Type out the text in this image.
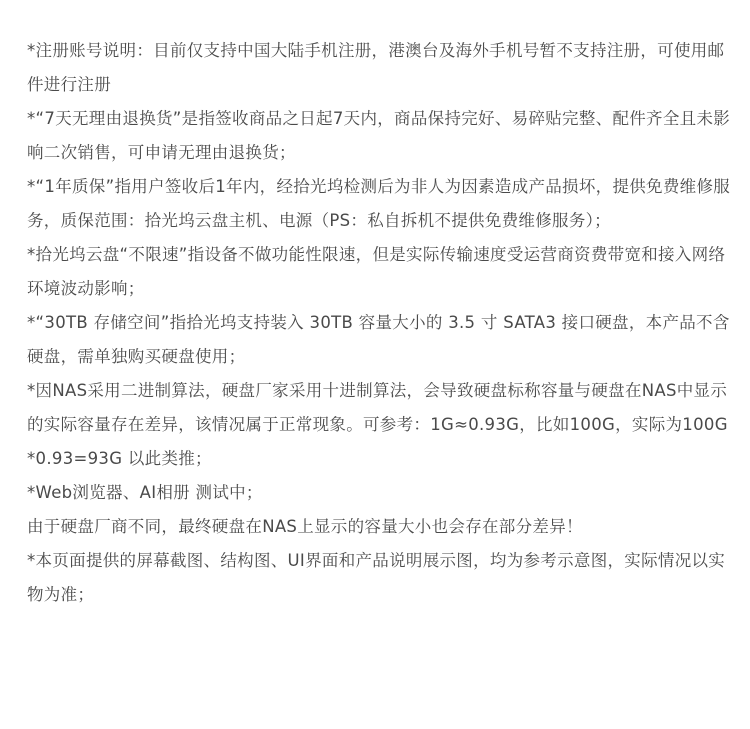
*注册账号说明：目前仅支持中国大陆手机注册，港澳台及海外手机号暂不支持注册，可使用邮件进行注册

*“7天无理由退换货”是指签收商品之日起7天内，商品保持完好、易碎贴完整、配件齐全且未影响二次销售，可申请无理由退换货；

*“1年质保”指用户签收后1年内，经拾光坞检测后为非人为因素造成产品损坏，提供免费维修服务，质保范围：拾光坞云盘主机、电源（PS：私自拆机不提供免费维修服务）；

*拾光坞云盘“不限速”指设备不做功能性限速，但是实际传输速度受运营商资费带宽和接入网络环境波动影响；

*“30TB 存储空间”指拾光坞支持装入 30TB 容量大小的 3.5 寸 SATA3 接口硬盘，本产品不含硬盘，需单独购买硬盘使用；

*因NAS采用二进制算法，硬盘厂家采用十进制算法，会导致硬盘标称容量与硬盘在NAS中显示的实际容量存在差异，该情况属于正常现象。可参考：1G≈0.93G，比如100G，实际为100G*0.93=93G 以此类推；

*Web浏览器、AI相册 测试中；

由于硬盘厂商不同，最终硬盘在NAS上显示的容量大小也会存在部分差异！

*本页面提供的屏幕截图、结构图、UI界面和产品说明展示图，均为参考示意图，实际情况以实物为准；
